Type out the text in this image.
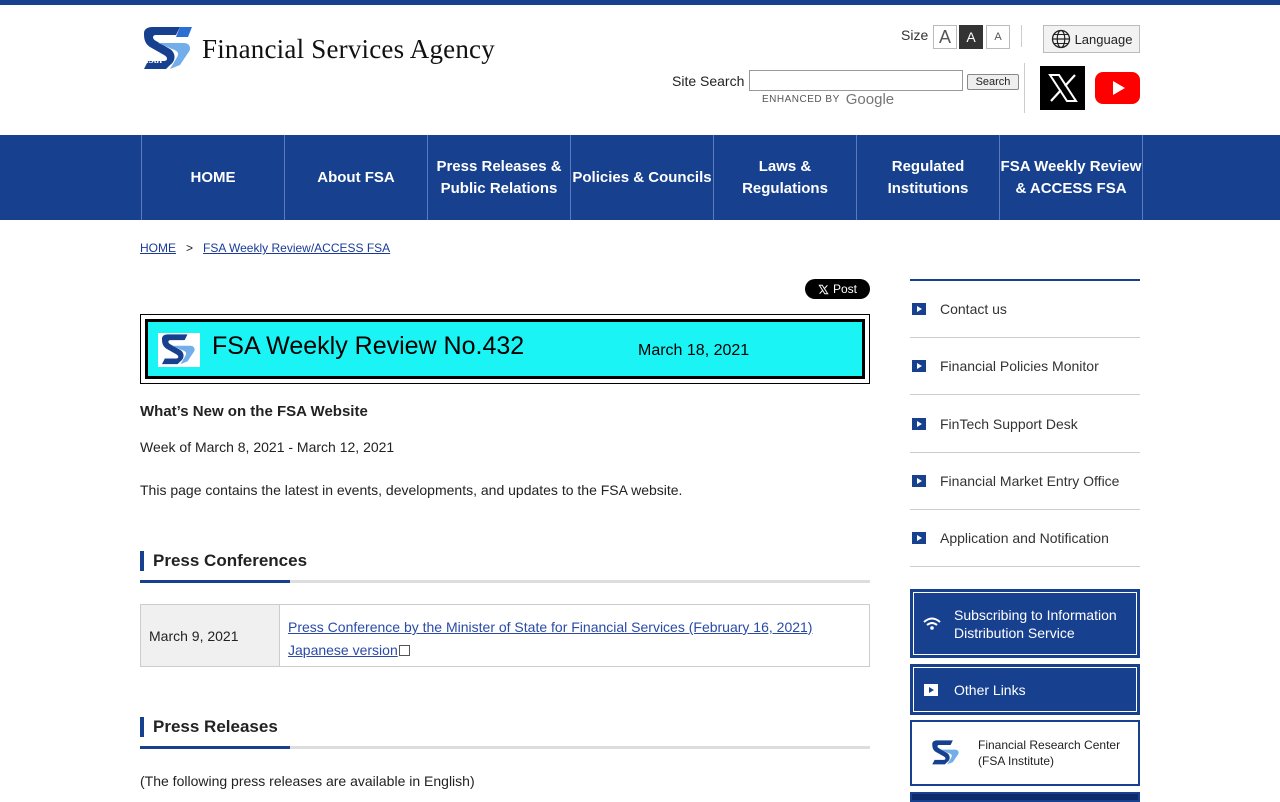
25th Financial Services Agency	Size A	A	A	Language
Site Search	Search
ENHANCED BY Google
HOME	About FSA
Press Releases &
Public Relations
Policies & Councils
Laws &
Regulations
Regulated
Institutions
FSA Weekly Review
& ACCESS FSA
HOME > FSA Weekly Review/ACCESS FSA
Post
FSA Weekly Review No.432	March 18, 2021
What’s New on the FSA Website
Week of March 8, 2021 - March 12, 2021
This page contains the latest in events, developments, and updates to the FSA website.
Press Conferences
March 9, 2021
Press Conference by the Minister of State for Financial Services (February 16, 2021)
Japanese version
Press Releases
(The following press releases are available in English)
Contact us
Financial Policies Monitor
FinTech Support Desk
Financial Market Entry Office
Application and Notification
Subscribing to Information
Distribution Service
Other Links
Financial Research Center
(FSA Institute)
